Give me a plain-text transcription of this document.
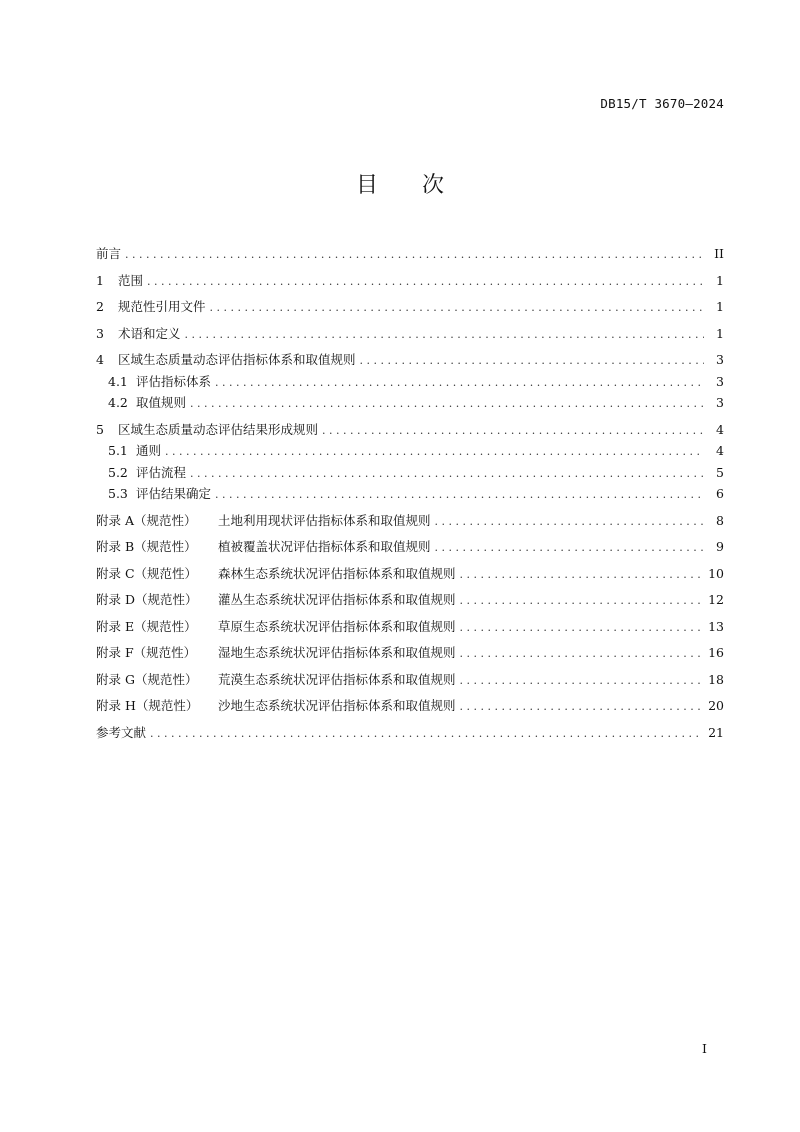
DB15/T 3670—2024
目 次
前言 . . .	II
1	范围 . . .	1
2	规范性引用文件 . . .	1
3	术语和定义 . . .	1
4	区域生态质量动态评估指标体系和取值规则 . . .	3
4.1 评估指标体系 . . .	3
4.2 取值规则 . . .	3
5	区域生态质量动态评估结果形成规则 . . .	4
5.1 通则 . . .	4
5.2 评估流程 . . .	5
5.3 评估结果确定 . . .	6
附录 A（规范性）	土地利用现状评估指标体系和取值规则 . . .	8
附录 B（规范性）	植被覆盖状况评估指标体系和取值规则 . . .	9
附录 C（规范性）	森林生态系统状况评估指标体系和取值规则 . . .	10
附录 D（规范性）	灌丛生态系统状况评估指标体系和取值规则 . . .	12
附录 E（规范性）	草原生态系统状况评估指标体系和取值规则 . . .	13
附录 F（规范性）	湿地生态系统状况评估指标体系和取值规则 . . .	16
附录 G（规范性）	荒漠生态系统状况评估指标体系和取值规则 . . .	18
附录 H（规范性）	沙地生态系统状况评估指标体系和取值规则 . . .	20
参考文献 . . .	21
I
